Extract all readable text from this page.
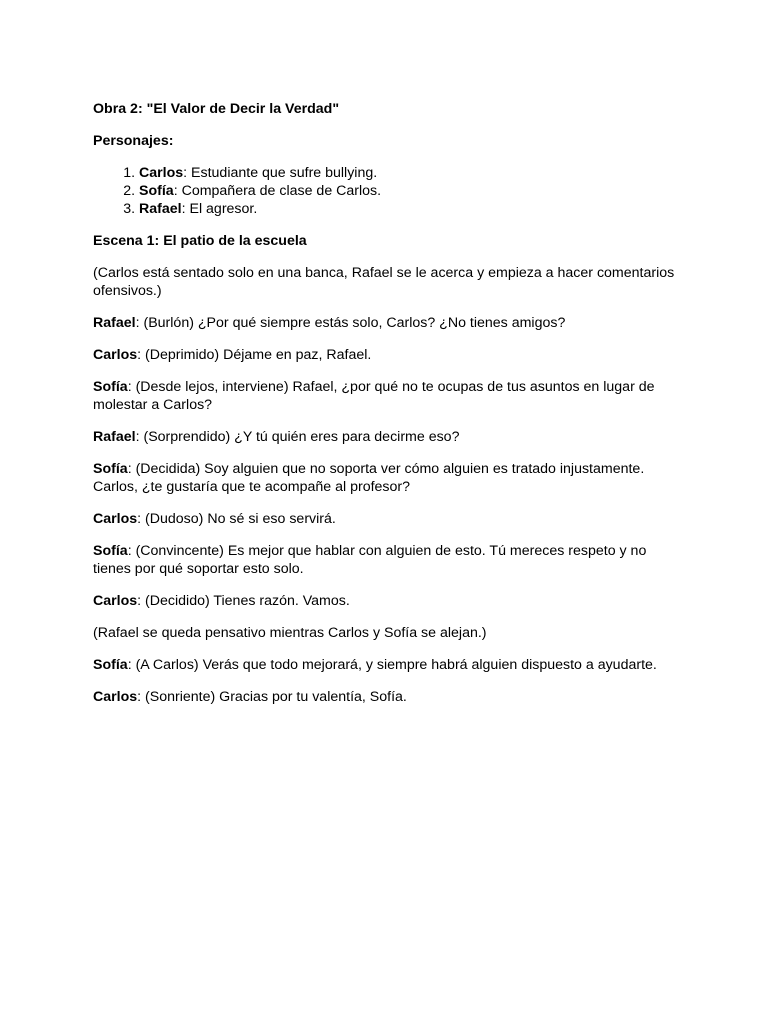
Obra 2: "El Valor de Decir la Verdad"

Personajes:

1. Carlos: Estudiante que sufre bullying.
2. Sofía: Compañera de clase de Carlos.
3. Rafael: El agresor.

Escena 1: El patio de la escuela

(Carlos está sentado solo en una banca, Rafael se le acerca y empieza a hacer comentarios ofensivos.)

Rafael: (Burlón) ¿Por qué siempre estás solo, Carlos? ¿No tienes amigos?

Carlos: (Deprimido) Déjame en paz, Rafael.

Sofía: (Desde lejos, interviene) Rafael, ¿por qué no te ocupas de tus asuntos en lugar de molestar a Carlos?

Rafael: (Sorprendido) ¿Y tú quién eres para decirme eso?

Sofía: (Decidida) Soy alguien que no soporta ver cómo alguien es tratado injustamente. Carlos, ¿te gustaría que te acompañe al profesor?

Carlos: (Dudoso) No sé si eso servirá.

Sofía: (Convincente) Es mejor que hablar con alguien de esto. Tú mereces respeto y no tienes por qué soportar esto solo.

Carlos: (Decidido) Tienes razón. Vamos.

(Rafael se queda pensativo mientras Carlos y Sofía se alejan.)

Sofía: (A Carlos) Verás que todo mejorará, y siempre habrá alguien dispuesto a ayudarte.

Carlos: (Sonriente) Gracias por tu valentía, Sofía.
